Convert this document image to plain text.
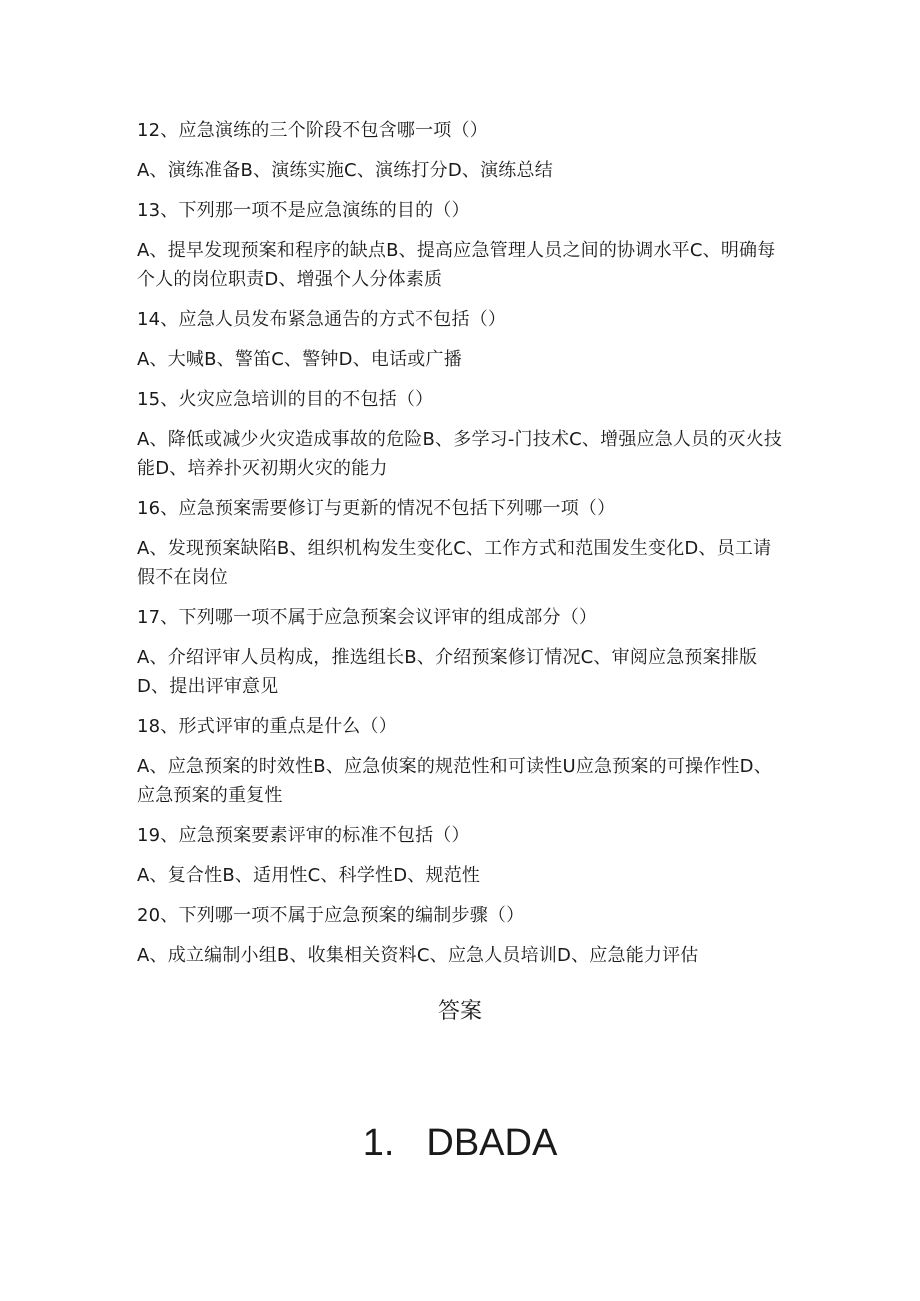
12、应急演练的三个阶段不包含哪一项（）

A、演练准备B、演练实施C、演练打分D、演练总结

13、下列那一项不是应急演练的目的（）

A、提早发现预案和程序的缺点B、提高应急管理人员之间的协调水平C、明确每个人的岗位职责D、增强个人分体素质

14、应急人员发布紧急通告的方式不包括（）

A、大喊B、警笛C、警钟D、电话或广播

15、火灾应急培训的目的不包括（）

A、降低或减少火灾造成事故的危险B、多学习-门技术C、增强应急人员的灭火技能D、培养扑灭初期火灾的能力

16、应急预案需要修订与更新的情况不包括下列哪一项（）

A、发现预案缺陷B、组织机构发生变化C、工作方式和范围发生变化D、员工请假不在岗位

17、下列哪一项不属于应急预案会议评审的组成部分（）

A、介绍评审人员构成，推选组长B、介绍预案修订情况C、审阅应急预案排版D、提出评审意见

18、形式评审的重点是什么（）

A、应急预案的时效性B、应急侦案的规范性和可读性U应急预案的可操作性D、应急预案的重复性

19、应急预案要素评审的标准不包括（）

A、复合性B、适用性C、科学性D、规范性

20、下列哪一项不属于应急预案的编制步骤（）

A、成立编制小组B、收集相关资料C、应急人员培训D、应急能力评估

答案

1. DBADA
